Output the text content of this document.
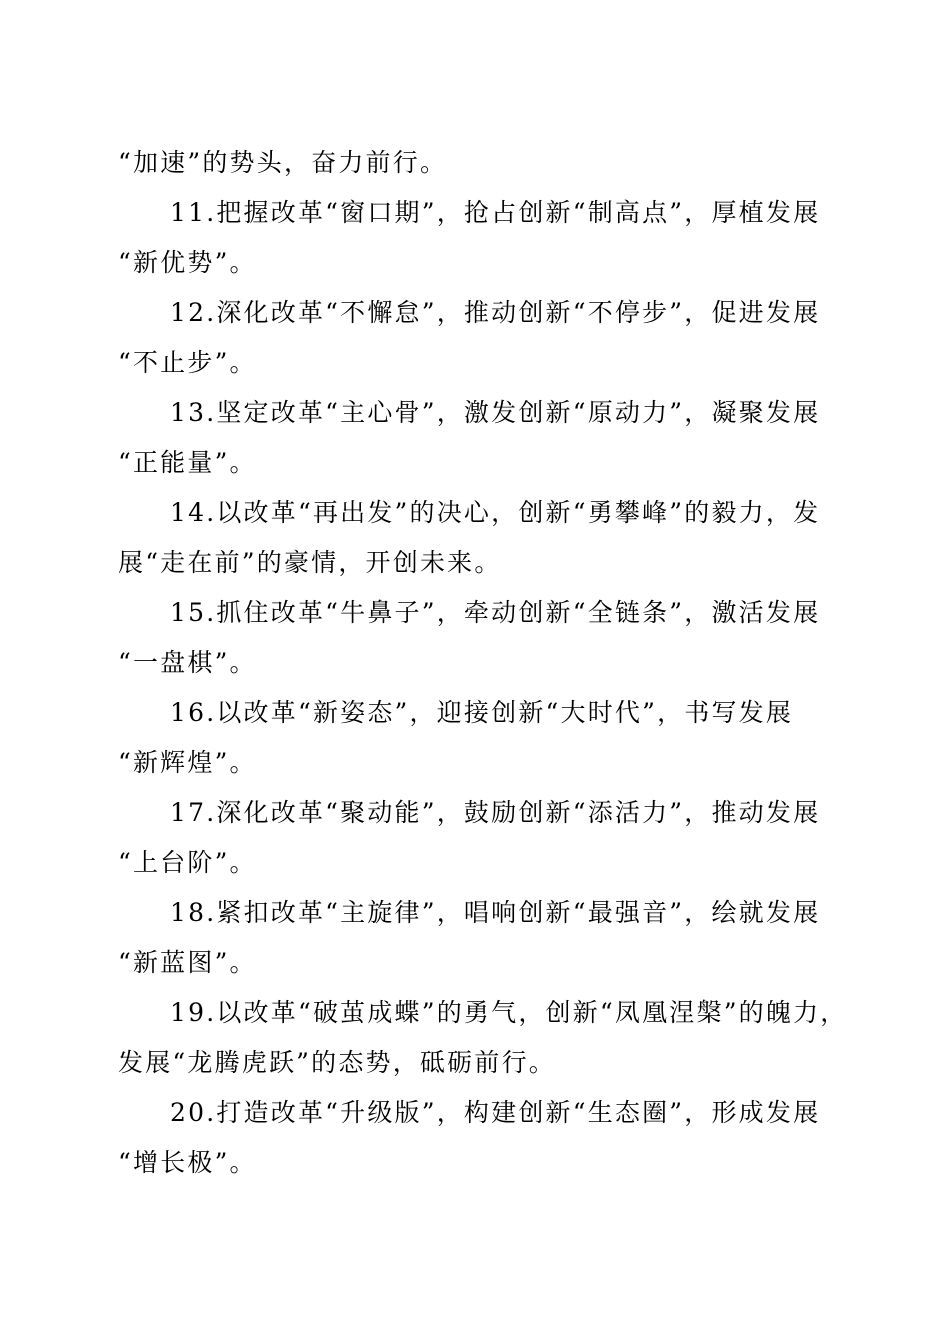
“加速”的势头，奋力前行。

11.把握改革“窗口期”，抢占创新“制高点”，厚植发展
“新优势”。

12.深化改革“不懈怠”，推动创新“不停步”，促进发展
“不止步”。

13.坚定改革“主心骨”，激发创新“原动力”，凝聚发展
“正能量”。

14.以改革“再出发”的决心，创新“勇攀峰”的毅力，发
展“走在前”的豪情，开创未来。

15.抓住改革“牛鼻子”，牵动创新“全链条”，激活发展
“一盘棋”。

16.以改革“新姿态”，迎接创新“大时代”，书写发展
“新辉煌”。

17.深化改革“聚动能”，鼓励创新“添活力”，推动发展
“上台阶”。

18.紧扣改革“主旋律”，唱响创新“最强音”，绘就发展
“新蓝图”。

19.以改革“破茧成蝶”的勇气，创新“凤凰涅槃”的魄力，
发展“龙腾虎跃”的态势，砥砺前行。

20.打造改革“升级版”，构建创新“生态圈”，形成发展
“增长极”。
